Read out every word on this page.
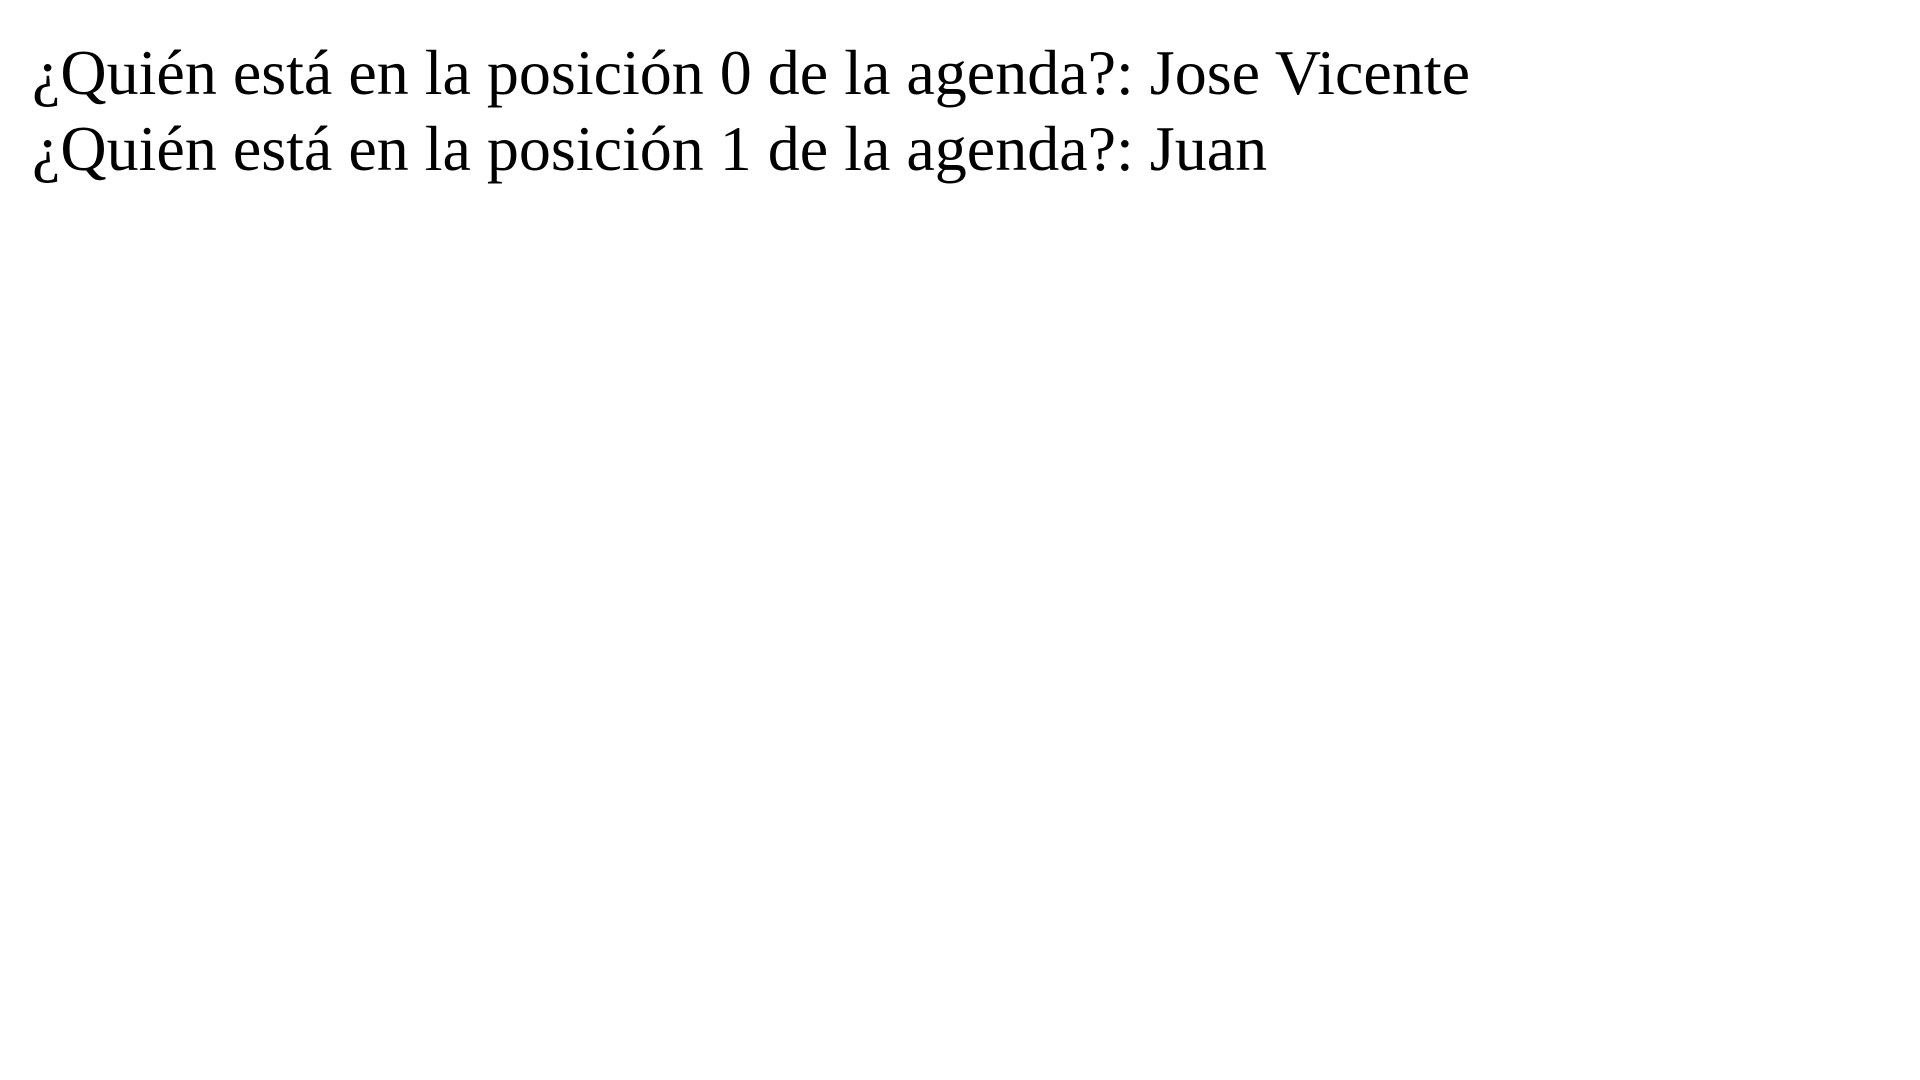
¿Quién está en la posición 0 de la agenda?: Jose Vicente
¿Quién está en la posición 1 de la agenda?: Juan
